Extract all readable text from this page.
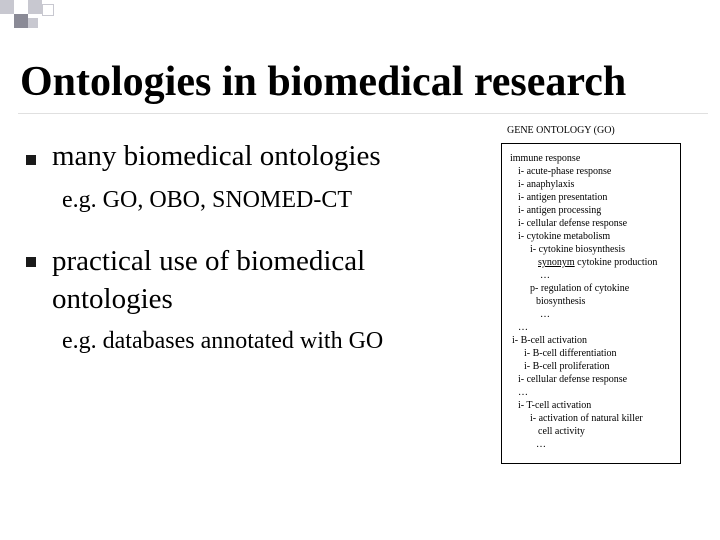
Ontologies in biomedical research
many biomedical ontologies
e.g. GO, OBO, SNOMED-CT
practical use of biomedical ontologies
e.g. databases annotated with GO
GENE ONTOLOGY (GO)
immune response
i- acute-phase response
i- anaphylaxis
i- antigen presentation
i- antigen processing
i- cellular defense response
i- cytokine metabolism
i- cytokine biosynthesis
synonym cytokine production
…
p- regulation of cytokine
biosynthesis
…
…
i- B-cell activation
i- B-cell differentiation
i- B-cell proliferation
i- cellular defense response
…
i- T-cell activation
i- activation of natural killer
cell activity
…
